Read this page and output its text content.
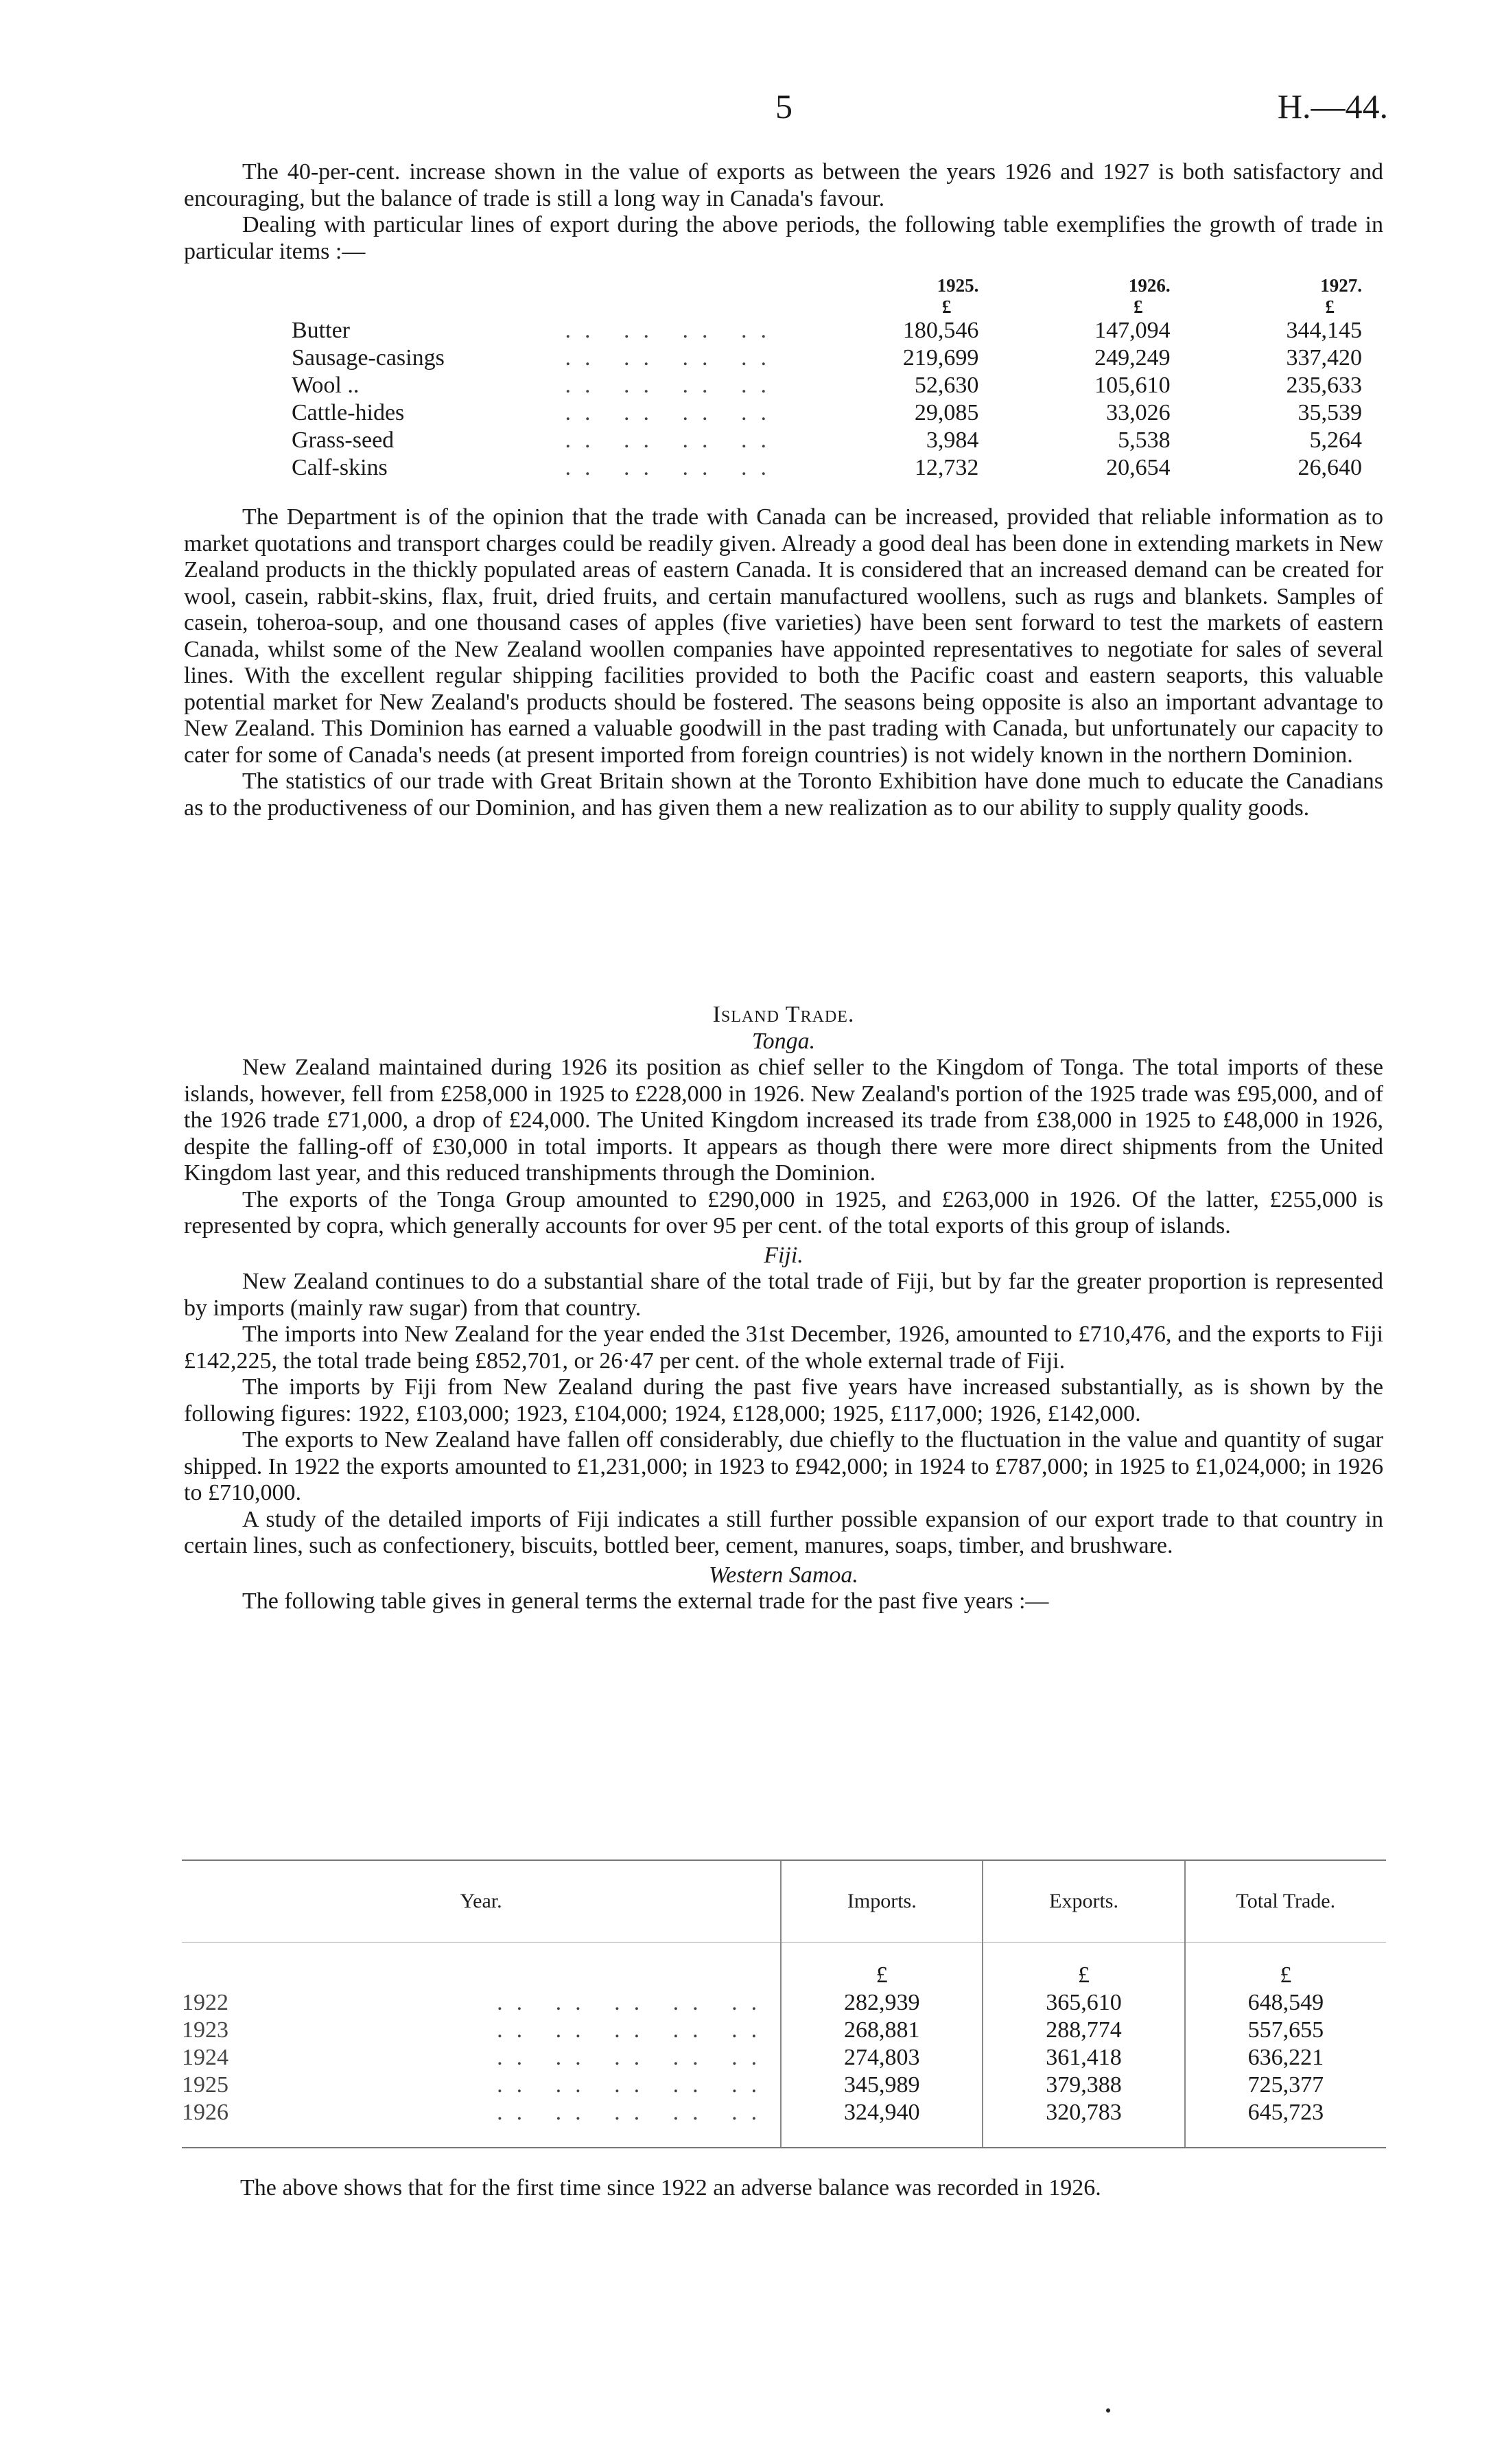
5	H.—44.

The 40-per-cent. increase shown in the value of exports as between the years 1926 and 1927 is both satisfactory and encouraging, but the balance of trade is still a long way in Canada's favour.

Dealing with particular lines of export during the above periods, the following table exemplifies the growth of trade in particular items :—

		1925.	1926.	1927.
		£	£	£
Butter	.. .. .. ..	180,546	147,094	344,145
Sausage-casings	.. .. .. ..	219,699	249,249	337,420
Wool ..	.. .. .. ..	52,630	105,610	235,633
Cattle-hides	.. .. .. ..	29,085	33,026	35,539
Grass-seed	.. .. .. ..	3,984	5,538	5,264
Calf-skins	.. .. .. ..	12,732	20,654	26,640

The Department is of the opinion that the trade with Canada can be increased, provided that reliable information as to market quotations and transport charges could be readily given. Already a good deal has been done in extending markets in New Zealand products in the thickly populated areas of eastern Canada. It is considered that an increased demand can be created for wool, casein, rabbit-skins, flax, fruit, dried fruits, and certain manufactured woollens, such as rugs and blankets. Samples of casein, toheroa-soup, and one thousand cases of apples (five varieties) have been sent forward to test the markets of eastern Canada, whilst some of the New Zealand woollen companies have appointed representatives to negotiate for sales of several lines. With the excellent regular shipping facilities provided to both the Pacific coast and eastern seaports, this valuable potential market for New Zealand's products should be fostered. The seasons being opposite is also an important advantage to New Zealand. This Dominion has earned a valuable goodwill in the past trading with Canada, but unfortunately our capacity to cater for some of Canada's needs (at present imported from foreign countries) is not widely known in the northern Dominion.

The statistics of our trade with Great Britain shown at the Toronto Exhibition have done much to educate the Canadians as to the productiveness of our Dominion, and has given them a new realization as to our ability to supply quality goods.

Island Trade.

Tonga.

New Zealand maintained during 1926 its position as chief seller to the Kingdom of Tonga. The total imports of these islands, however, fell from £258,000 in 1925 to £228,000 in 1926. New Zealand's portion of the 1925 trade was £95,000, and of the 1926 trade £71,000, a drop of £24,000. The United Kingdom increased its trade from £38,000 in 1925 to £48,000 in 1926, despite the falling-off of £30,000 in total imports. It appears as though there were more direct shipments from the United Kingdom last year, and this reduced transhipments through the Dominion.

The exports of the Tonga Group amounted to £290,000 in 1925, and £263,000 in 1926. Of the latter, £255,000 is represented by copra, which generally accounts for over 95 per cent. of the total exports of this group of islands.

Fiji.

New Zealand continues to do a substantial share of the total trade of Fiji, but by far the greater proportion is represented by imports (mainly raw sugar) from that country.

The imports into New Zealand for the year ended the 31st December, 1926, amounted to £710,476, and the exports to Fiji £142,225, the total trade being £852,701, or 26·47 per cent. of the whole external trade of Fiji.

The imports by Fiji from New Zealand during the past five years have increased substantially, as is shown by the following figures: 1922, £103,000; 1923, £104,000; 1924, £128,000; 1925, £117,000; 1926, £142,000.

The exports to New Zealand have fallen off considerably, due chiefly to the fluctuation in the value and quantity of sugar shipped. In 1922 the exports amounted to £1,231,000; in 1923 to £942,000; in 1924 to £787,000; in 1925 to £1,024,000; in 1926 to £710,000.

A study of the detailed imports of Fiji indicates a still further possible expansion of our export trade to that country in certain lines, such as confectionery, biscuits, bottled beer, cement, manures, soaps, timber, and brushware.

Western Samoa.

The following table gives in general terms the external trade for the past five years :—

Year.	Imports.	Exports.	Total Trade.
	£	£	£

1922 .. .. .. .. ..	282,939	365,610	648,549

1923 .. .. .. .. ..	268,881	288,774	557,655

1924 .. .. .. .. ..	274,803	361,418	636,221

1925 .. .. .. .. ..	345,989	379,388	725,377

1926 .. .. .. .. ..	324,940	320,783	645,723
The above shows that for the first time since 1922 an adverse balance was recorded in 1926.
